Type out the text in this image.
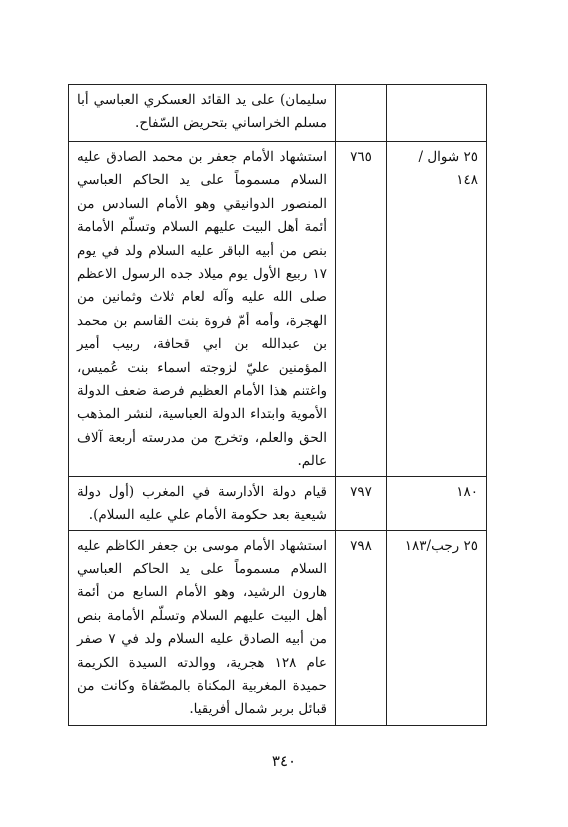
		سليمان) على يد القائد العسكري العباسي أبا مسلم الخراساني بتحريض السّفاح.

٢٥ شوال / ١٤٨	٧٦٥	استشهاد الأمام جعفر بن محمد الصادق عليه السلام مسموماً على يد الحاكم العباسي المنصور الدوانيقي وهو الأمام السادس من أئمة أهل البيت عليهم السلام وتسلّم الأمامة بنص من أبيه الباقر عليه السلام ولد في يوم ١٧ ربيع الأول يوم ميلاد جده الرسول الاعظم صلى الله عليه وآله لعام ثلاث وثمانين من الهجرة، وأمه أمّ فروة بنت القاسم بن محمد بن عبدالله بن ابي قحافة، ربيب أمير المؤمنين عليّ لزوجته اسماء بنت عُميس، واغتنم هذا الأمام العظيم فرصة ضعف الدولة الأموية وابتداء الدولة العباسية، لنشر المذهب الحق والعلم، وتخرج من مدرسته أربعة آلاف عالم.

١٨٠	٧٩٧	قيام دولة الأدارسة في المغرب (أول دولة شيعية بعد حكومة الأمام علي عليه السلام).

٢٥ رجب/١٨٣	٧٩٨	استشهاد الأمام موسى بن جعفر الكاظم عليه السلام مسموماً على يد الحاكم العباسي هارون الرشيد، وهو الأمام السابع من أئمة أهل البيت عليهم السلام وتسلّم الأمامة بنص من أبيه الصادق عليه السلام ولد في ٧ صفر عام ١٢٨ هجرية، ووالدته السيدة الكريمة حميدة المغربية المكناة بالمصّفاة وكانت من قبائل بربر شمال أفريقيا.
٣٤٠
